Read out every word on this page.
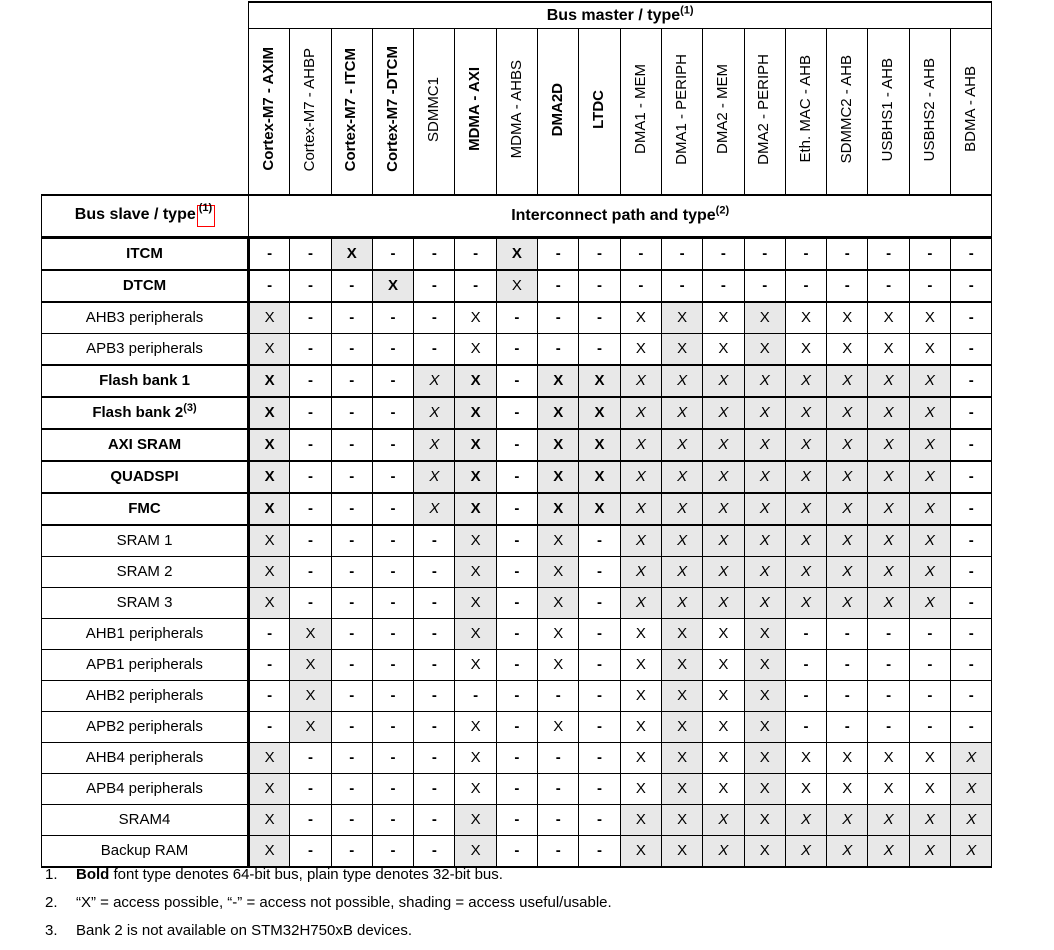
	Bus master / type$^{(1)}$
	Cortex-M7 - AXIM	Cortex-M7 - AHBP	Cortex-M7 - ITCM	Cortex-M7 -DTCM	SDMMC1	MDMA - AXI	MDMA - AHBS	DMA2D	LTDC	DMA1 - MEM	DMA1 - PERIPH	DMA2 - MEM	DMA2 - PERIPH	Eth. MAC - AHB	SDMMC2 - AHB	USBHS1 - AHB	USBHS2 - AHB	BDMA - AHB
Bus slave / type $^{(1)}$	Interconnect path and type$^{(2)}$
ITCM	-	-	X	-	-	-	X	-	-	-	-	-	-	-	-	-	-	-
DTCM	-	-	-	X	-	-	X	-	-	-	-	-	-	-	-	-	-	-
AHB3 peripherals	X	-	-	-	-	X	-	-	-	X	X	X	X	X	X	X	X	-
APB3 peripherals	X	-	-	-	-	X	-	-	-	X	X	X	X	X	X	X	X	-
Flash bank 1	X	-	-	-	X	X	-	X	X	X	X	X	X	X	X	X	X	-
Flash bank 2$^{(3)}$	X	-	-	-	X	X	-	X	X	X	X	X	X	X	X	X	X	-
AXI SRAM	X	-	-	-	X	X	-	X	X	X	X	X	X	X	X	X	X	-
QUADSPI	X	-	-	-	X	X	-	X	X	X	X	X	X	X	X	X	X	-
FMC	X	-	-	-	X	X	-	X	X	X	X	X	X	X	X	X	X	-
SRAM 1	X	-	-	-	-	X	-	X	-	X	X	X	X	X	X	X	X	-
SRAM 2	X	-	-	-	-	X	-	X	-	X	X	X	X	X	X	X	X	-
SRAM 3	X	-	-	-	-	X	-	X	-	X	X	X	X	X	X	X	X	-
AHB1 peripherals	-	X	-	-	-	X	-	X	-	X	X	X	X	-	-	-	-	-
APB1 peripherals	-	X	-	-	-	X	-	X	-	X	X	X	X	-	-	-	-	-
AHB2 peripherals	-	X	-	-	-	-	-	-	-	X	X	X	X	-	-	-	-	-
APB2 peripherals	-	X	-	-	-	X	-	X	-	X	X	X	X	-	-	-	-	-
AHB4 peripherals	X	-	-	-	-	X	-	-	-	X	X	X	X	X	X	X	X	X
APB4 peripherals	X	-	-	-	-	X	-	-	-	X	X	X	X	X	X	X	X	X
SRAM4	X	-	-	-	-	X	-	-	-	X	X	X	X	X	X	X	X	X
Backup RAM	X	-	-	-	-	X	-	-	-	X	X	X	X	X	X	X	X	X
1.	Bold font type denotes 64-bit bus, plain type denotes 32-bit bus.
2.	“X” = access possible, “-” = access not possible, shading = access useful/usable.
3.	Bank 2 is not available on STM32H750xB devices.
